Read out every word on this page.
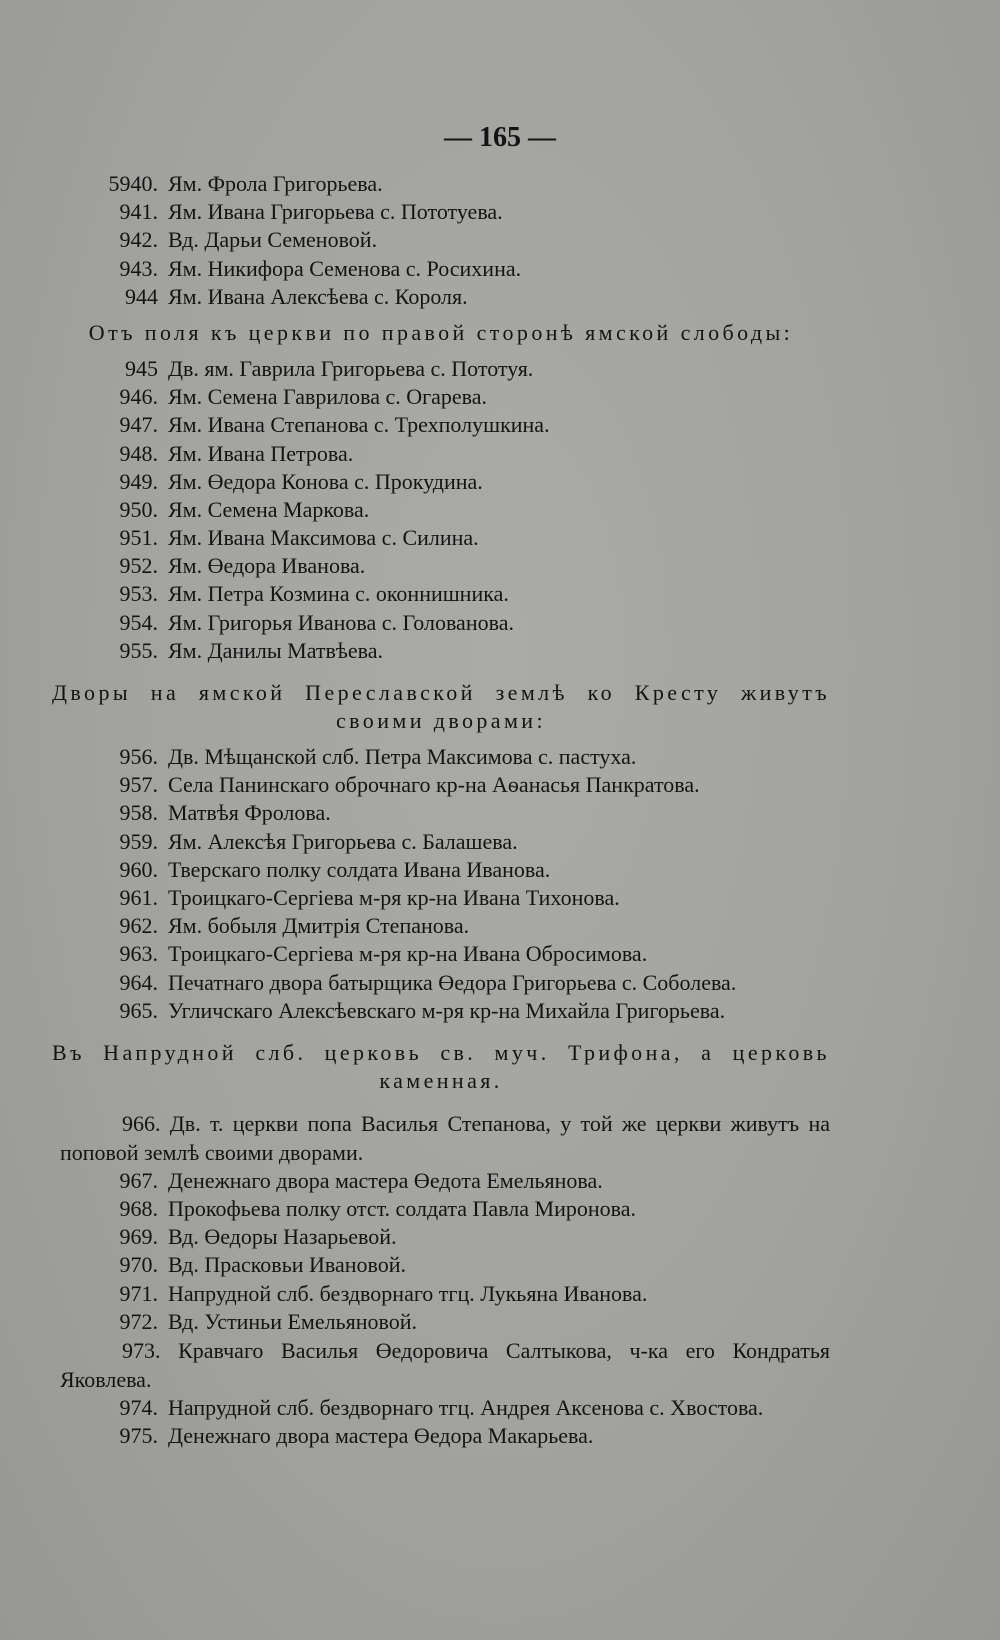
— 165 —
5940. Ям. Фрола Григорьева.
941. Ям. Ивана Григорьева с. Пототуева.
942. Вд. Дарьи Семеновой.
943. Ям. Никифора Семенова с. Росихина.
944 Ям. Ивана Алексѣева с. Короля.
Отъ поля къ церкви по правой сторонѣ ямской слободы:
945 Дв. ям. Гаврила Григорьева с. Пототуя.
946. Ям. Семена Гаврилова с. Огарева.
947. Ям. Ивана Степанова с. Трехполушкина.
948. Ям. Ивана Петрова.
949. Ям. Өедора Конова с. Прокудина.
950. Ям. Семена Маркова.
951. Ям. Ивана Максимова с. Силина.
952. Ям. Өедора Иванова.
953. Ям. Петра Козмина с. оконнишника.
954. Ям. Григорья Иванова с. Голованова.
955. Ям. Данилы Матвѣева.
Дворы на ямской Переславской землѣ ко Кресту живутъ своими дворами:
956. Дв. Мѣщанской слб. Петра Максимова с. пастуха.
957. Села Панинскаго оброчнаго кр-на Аѳанасья Панкратова.
958. Матвѣя Фролова.
959. Ям. Алексѣя Григорьева с. Балашева.
960. Тверскаго полку солдата Ивана Иванова.
961. Троицкаго-Сергіева м-ря кр-на Ивана Тихонова.
962. Ям. бобыля Дмитрія Степанова.
963. Троицкаго-Сергіева м-ря кр-на Ивана Обросимова.
964. Печатнаго двора батырщика Өедора Григорьева с. Соболева.
965. Угличскаго Алексѣевскаго м-ря кр-на Михайла Григорьева.
Въ Напрудной слб. церковь св. муч. Трифона, а церковь каменная.
966. Дв. т. церкви попа Василья Степанова, у той же церкви живутъ на поповой землѣ своими дворами.
967. Денежнаго двора мастера Өедота Емельянова.
968. Прокофьева полку отст. солдата Павла Миронова.
969. Вд. Өедоры Назарьевой.
970. Вд. Прасковьи Ивановой.
971. Напрудной слб. бездворнаго тгц. Лукьяна Иванова.
972. Вд. Устиньи Емельяновой.
973. Кравчаго Василья Өедоровича Салтыкова, ч-ка его Кондратья Яковлева.
974. Напрудной слб. бездворнаго тгц. Андрея Аксенова с. Хвостова.
975. Денежнаго двора мастера Өедора Макарьева.
